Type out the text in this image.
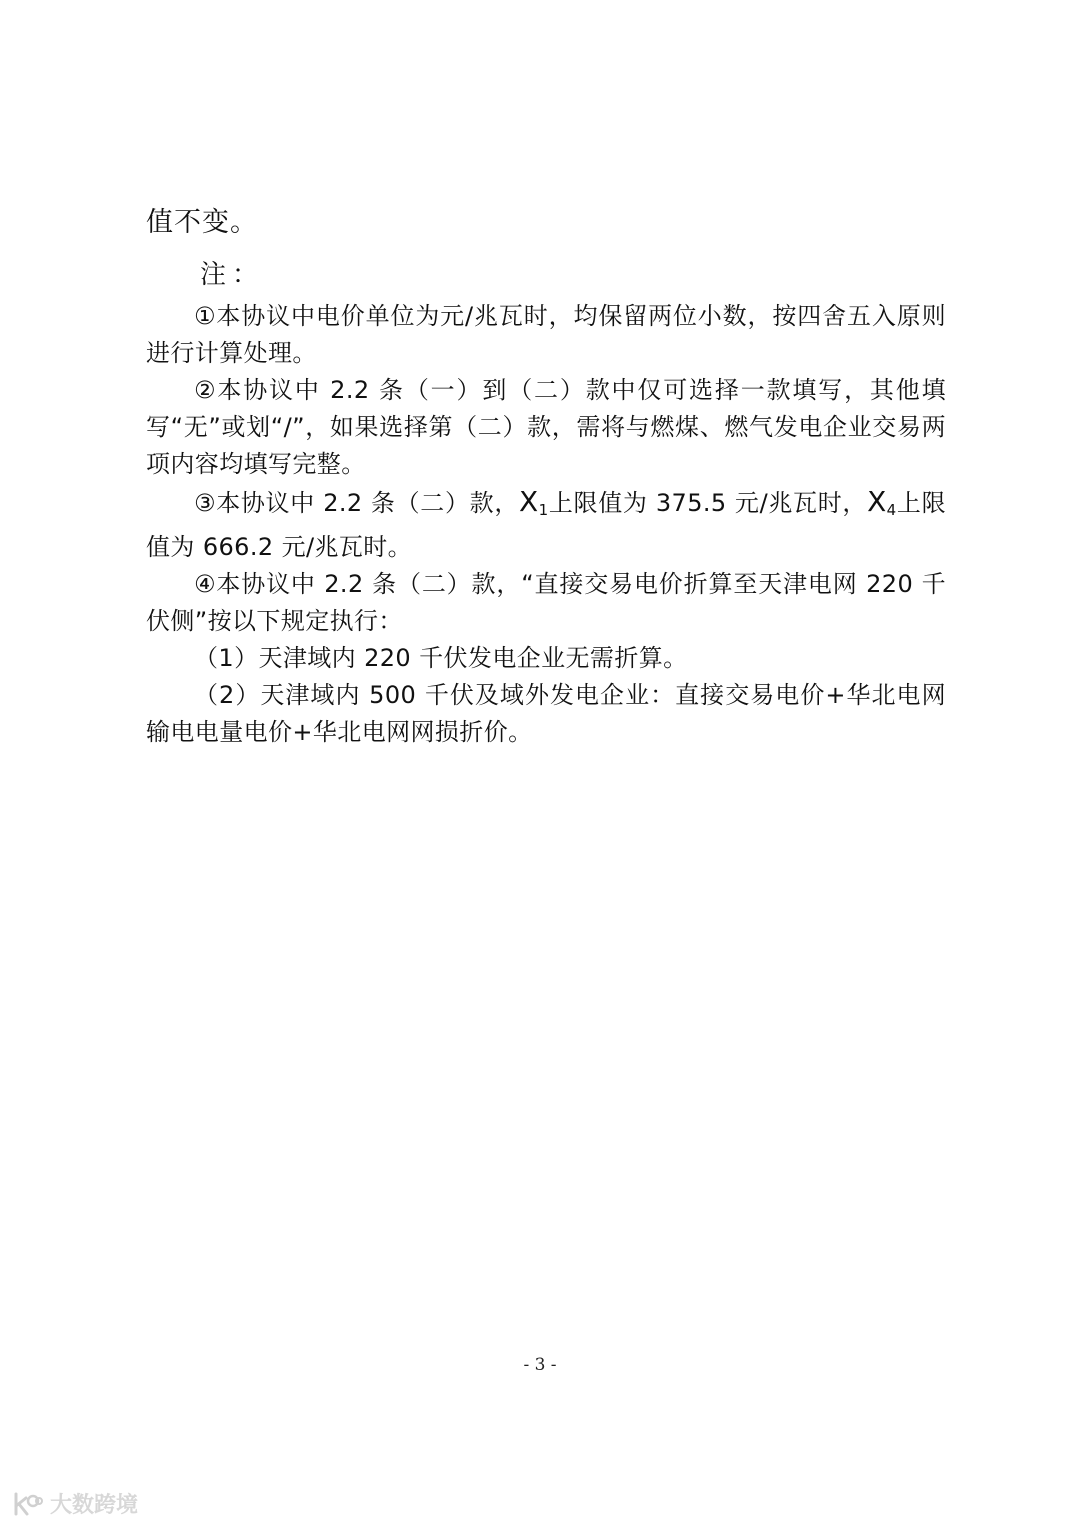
值不变。
注：

①本协议中电价单位为元/兆瓦时，均保留两位小数，按四舍五入原则进行计算处理。

②本协议中 2.2 条（一）到（二）款中仅可选择一款填写，其他填写“无”或划“/”，如果选择第（二）款，需将与燃煤、燃气发电企业交易两项内容均填写完整。

③本协议中 2.2 条（二）款，$X_1$上限值为 375.5 元/兆瓦时，$X_4$上限值为 666.2 元/兆瓦时。

④本协议中 2.2 条（二）款，“直接交易电价折算至天津电网 220 千伏侧”按以下规定执行：

（1）天津域内 220 千伏发电企业无需折算。

（2）天津域内 500 千伏及域外发电企业：直接交易电价+华北电网输电电量电价+华北电网网损折价。

- 3 -
大数跨境
